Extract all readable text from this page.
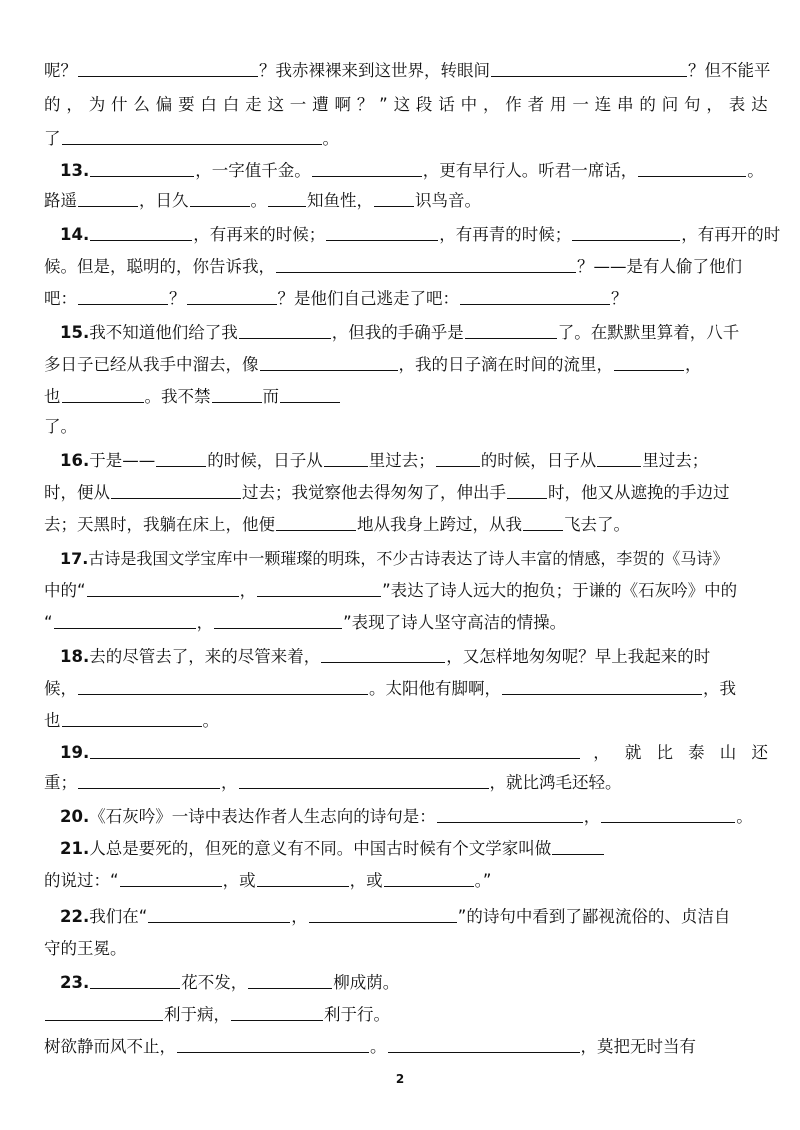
呢？	？我赤裸裸来到这世界，转眼间	？但不能平
的 ， 为 什 么 偏 要 白 白 走 这 一 遭 啊 ？ ” 这 段 话 中 ， 作 者 用 一 连 串 的 问 句 ， 表 达
了	。
13.	，一字值千金。	，更有早行人。听君一席话，	。
路遥	，日久	。 知鱼性，	识鸟音。
14.	，有再来的时候；	，有再青的时候；	，有再开的时
候。但是，聪明的，你告诉我，	？——是有人偷了他们
吧：	？	？是他们自己逃走了吧：	？
15.我不知道他们给了我	，但我的手确乎是	了。在默默里算着，八千
多日子已经从我手中溜去，像	，我的日子滴在时间的流里，	，
也	。我不禁	而
了。
16.于是——	的时候，日子从	里过去；	的时候，日子从	里过去；
时，便从	过去；我觉察他去得匆匆了，伸出手	时，他又从遮挽的手边过
去；天黑时，我躺在床上，他便	地从我身上跨过，从我	飞去了。
17.古诗是我国文学宝库中一颗璀璨的明珠，不少古诗表达了诗人丰富的情感，李贺的《马诗》
中的“	，	”表达了诗人远大的抱负；于谦的《石灰吟》中的
“	，	”表现了诗人坚守高洁的情操。
18.去的尽管去了，来的尽管来着，	，又怎样地匆匆呢？早上我起来的时
候，	。太阳他有脚啊，	，我
也	。
19.	， 就 比 泰 山 还
重；	，	，就比鸿毛还轻。
20.《石灰吟》一诗中表达作者人生志向的诗句是：	，	。
21.人总是要死的，但死的意义有不同。中国古时候有个文学家叫做
的说过：“	，或	，或	。”
22.我们在“	，	”的诗句中看到了鄙视流俗的、贞洁自
守的王冕。
23.	花不发，	柳成荫。
利于病，	利于行。
树欲静而风不止，	。	，莫把无时当有
2
